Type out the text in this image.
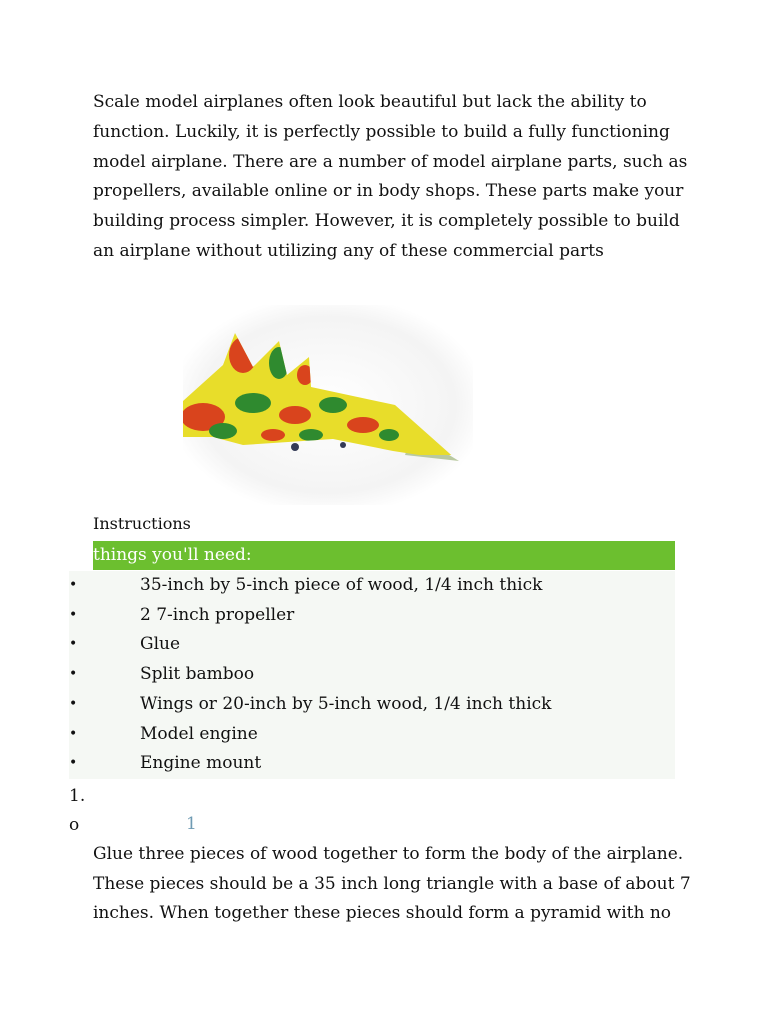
Scale model airplanes often look beautiful but lack the ability to
function. Luckily, it is perfectly possible to build a fully functioning
model airplane. There are a number of model airplane parts, such as
propellers, available online or in body shops. These parts make your
building process simpler. However, it is completely possible to build
an airplane without utilizing any of these commercial parts

Instructions
things you'll need:
•	35-inch by 5-inch piece of wood, 1/4 inch thick
•	2 7-inch propeller
•	Glue
•	Split bamboo
•	Wings or 20-inch by 5-inch wood, 1/4 inch thick
•	Model engine
•	Engine mount
1.
o	1

Glue three pieces of wood together to form the body of the airplane.
These pieces should be a 35 inch long triangle with a base of about 7
inches. When together these pieces should form a pyramid with no
